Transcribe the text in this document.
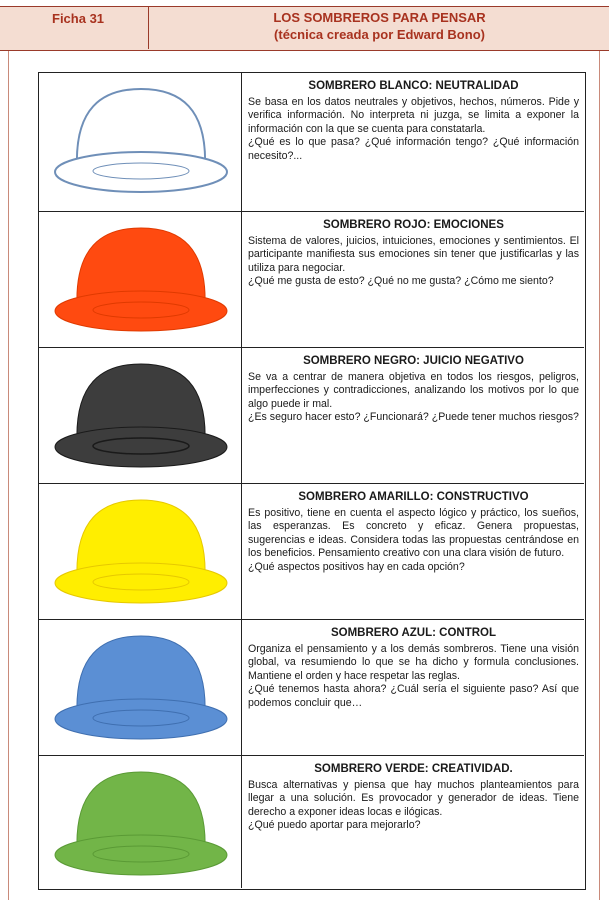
Ficha 31	LOS SOMBREROS PARA PENSAR
(técnica creada por Edward Bono)
SOMBRERO BLANCO: NEUTRALIDAD

Se basa en los datos neutrales y objetivos, hechos, números. Pide y verifica información. No interpreta ni juzga, se limita a exponer la información con la que se cuenta para constatarla.

¿Qué es lo que pasa? ¿Qué información tengo? ¿Qué información necesito?...

SOMBRERO ROJO: EMOCIONES

Sistema de valores, juicios, intuiciones, emociones y sentimientos. El participante manifiesta sus emociones sin tener que justificarlas y las utiliza para negociar.

¿Qué me gusta de esto? ¿Qué no me gusta? ¿Cómo me siento?

SOMBRERO NEGRO: JUICIO NEGATIVO

Se va a centrar de manera objetiva en todos los riesgos, peligros, imperfecciones y contradicciones, analizando los motivos por lo que algo puede ir mal.

¿Es seguro hacer esto? ¿Funcionará? ¿Puede tener muchos riesgos?

SOMBRERO AMARILLO: CONSTRUCTIVO

Es positivo, tiene en cuenta el aspecto lógico y práctico, los sueños, las esperanzas. Es concreto y eficaz. Genera propuestas, sugerencias e ideas. Considera todas las propuestas centrándose en los beneficios. Pensamiento creativo con una clara visión de futuro.

¿Qué aspectos positivos hay en cada opción?

SOMBRERO AZUL: CONTROL

Organiza el pensamiento y a los demás sombreros. Tiene una visión global, va resumiendo lo que se ha dicho y formula conclusiones. Mantiene el orden y hace respetar las reglas.

¿Qué tenemos hasta ahora? ¿Cuál sería el siguiente paso? Así que podemos concluir que…

SOMBRERO VERDE: CREATIVIDAD.

Busca alternativas y piensa que hay muchos planteamientos para llegar a una solución. Es provocador y generador de ideas. Tiene derecho a exponer ideas locas e ilógicas.

¿Qué puedo aportar para mejorarlo?
